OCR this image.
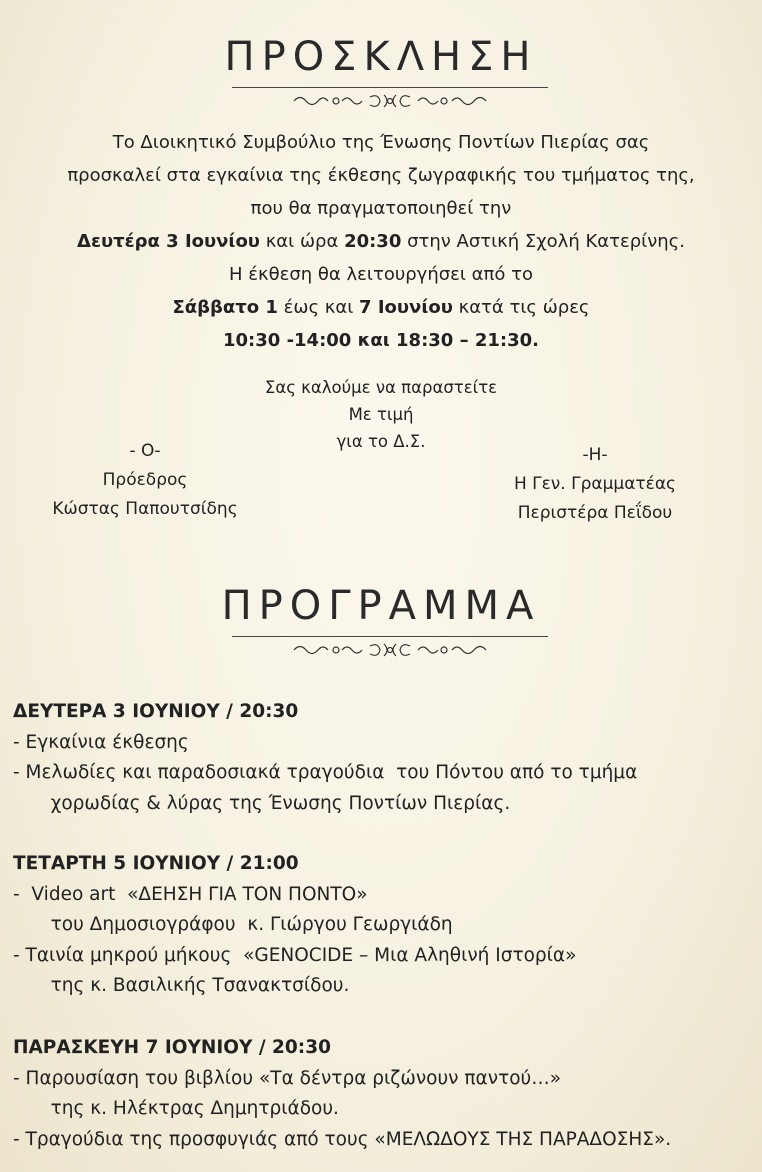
ΠΡΟΣΚΛΗΣΗ
Το Διοικητικό Συμβούλιο της Ένωσης Ποντίων Πιερίας σας
προσκαλεί στα εγκαίνια της έκθεσης ζωγραφικής του τμήματος της,
που θα πραγματοποιηθεί την
Δευτέρα 3 Ιουνίου και ώρα 20:30 στην Αστική Σχολή Κατερίνης.
Η έκθεση θα λειτουργήσει από το
Σάββατο 1 έως και 7 Ιουνίου κατά τις ώρες
10:30 -14:00 και 18:30 – 21:30.
Σας καλούμε να παραστείτε
Με τιμή
για το Δ.Σ.
- Ο-
Πρόεδρος
Κώστας Παπουτσίδης
-Η-
Η Γεν. Γραμματέας
Περιστέρα Πεΐδου
ΠΡΟΓΡΑΜΜΑ
ΔΕΥΤΕΡΑ 3 ΙΟΥΝΙΟΥ / 20:30
- Εγκαίνια έκθεσης
- Μελωδίες και παραδοσιακά τραγούδια  του Πόντου από το τμήμα
χορωδίας & λύρας της Ένωσης Ποντίων Πιερίας.
ΤΕΤΑΡΤΗ 5 ΙΟΥΝΙΟΥ / 21:00
-  Video art  «ΔΕΗΣΗ ΓΙΑ ΤΟΝ ΠΟΝΤΟ»
του Δημοσιογράφου  κ. Γιώργου Γεωργιάδη
- Ταινία μηκρού μήκους  «GENOCIDE – Μια Αληθινή Ιστορία»
της κ. Βασιλικής Τσανακτσίδου.
ΠΑΡΑΣΚΕΥΗ 7 ΙΟΥΝΙΟΥ / 20:30
- Παρουσίαση του βιβλίου «Τα δέντρα ριζώνουν παντού…»
της κ. Ηλέκτρας Δημητριάδου.
- Τραγούδια της προσφυγιάς από τους «ΜΕΛΩΔΟΥΣ ΤΗΣ ΠΑΡΑΔΟΣΗΣ».
